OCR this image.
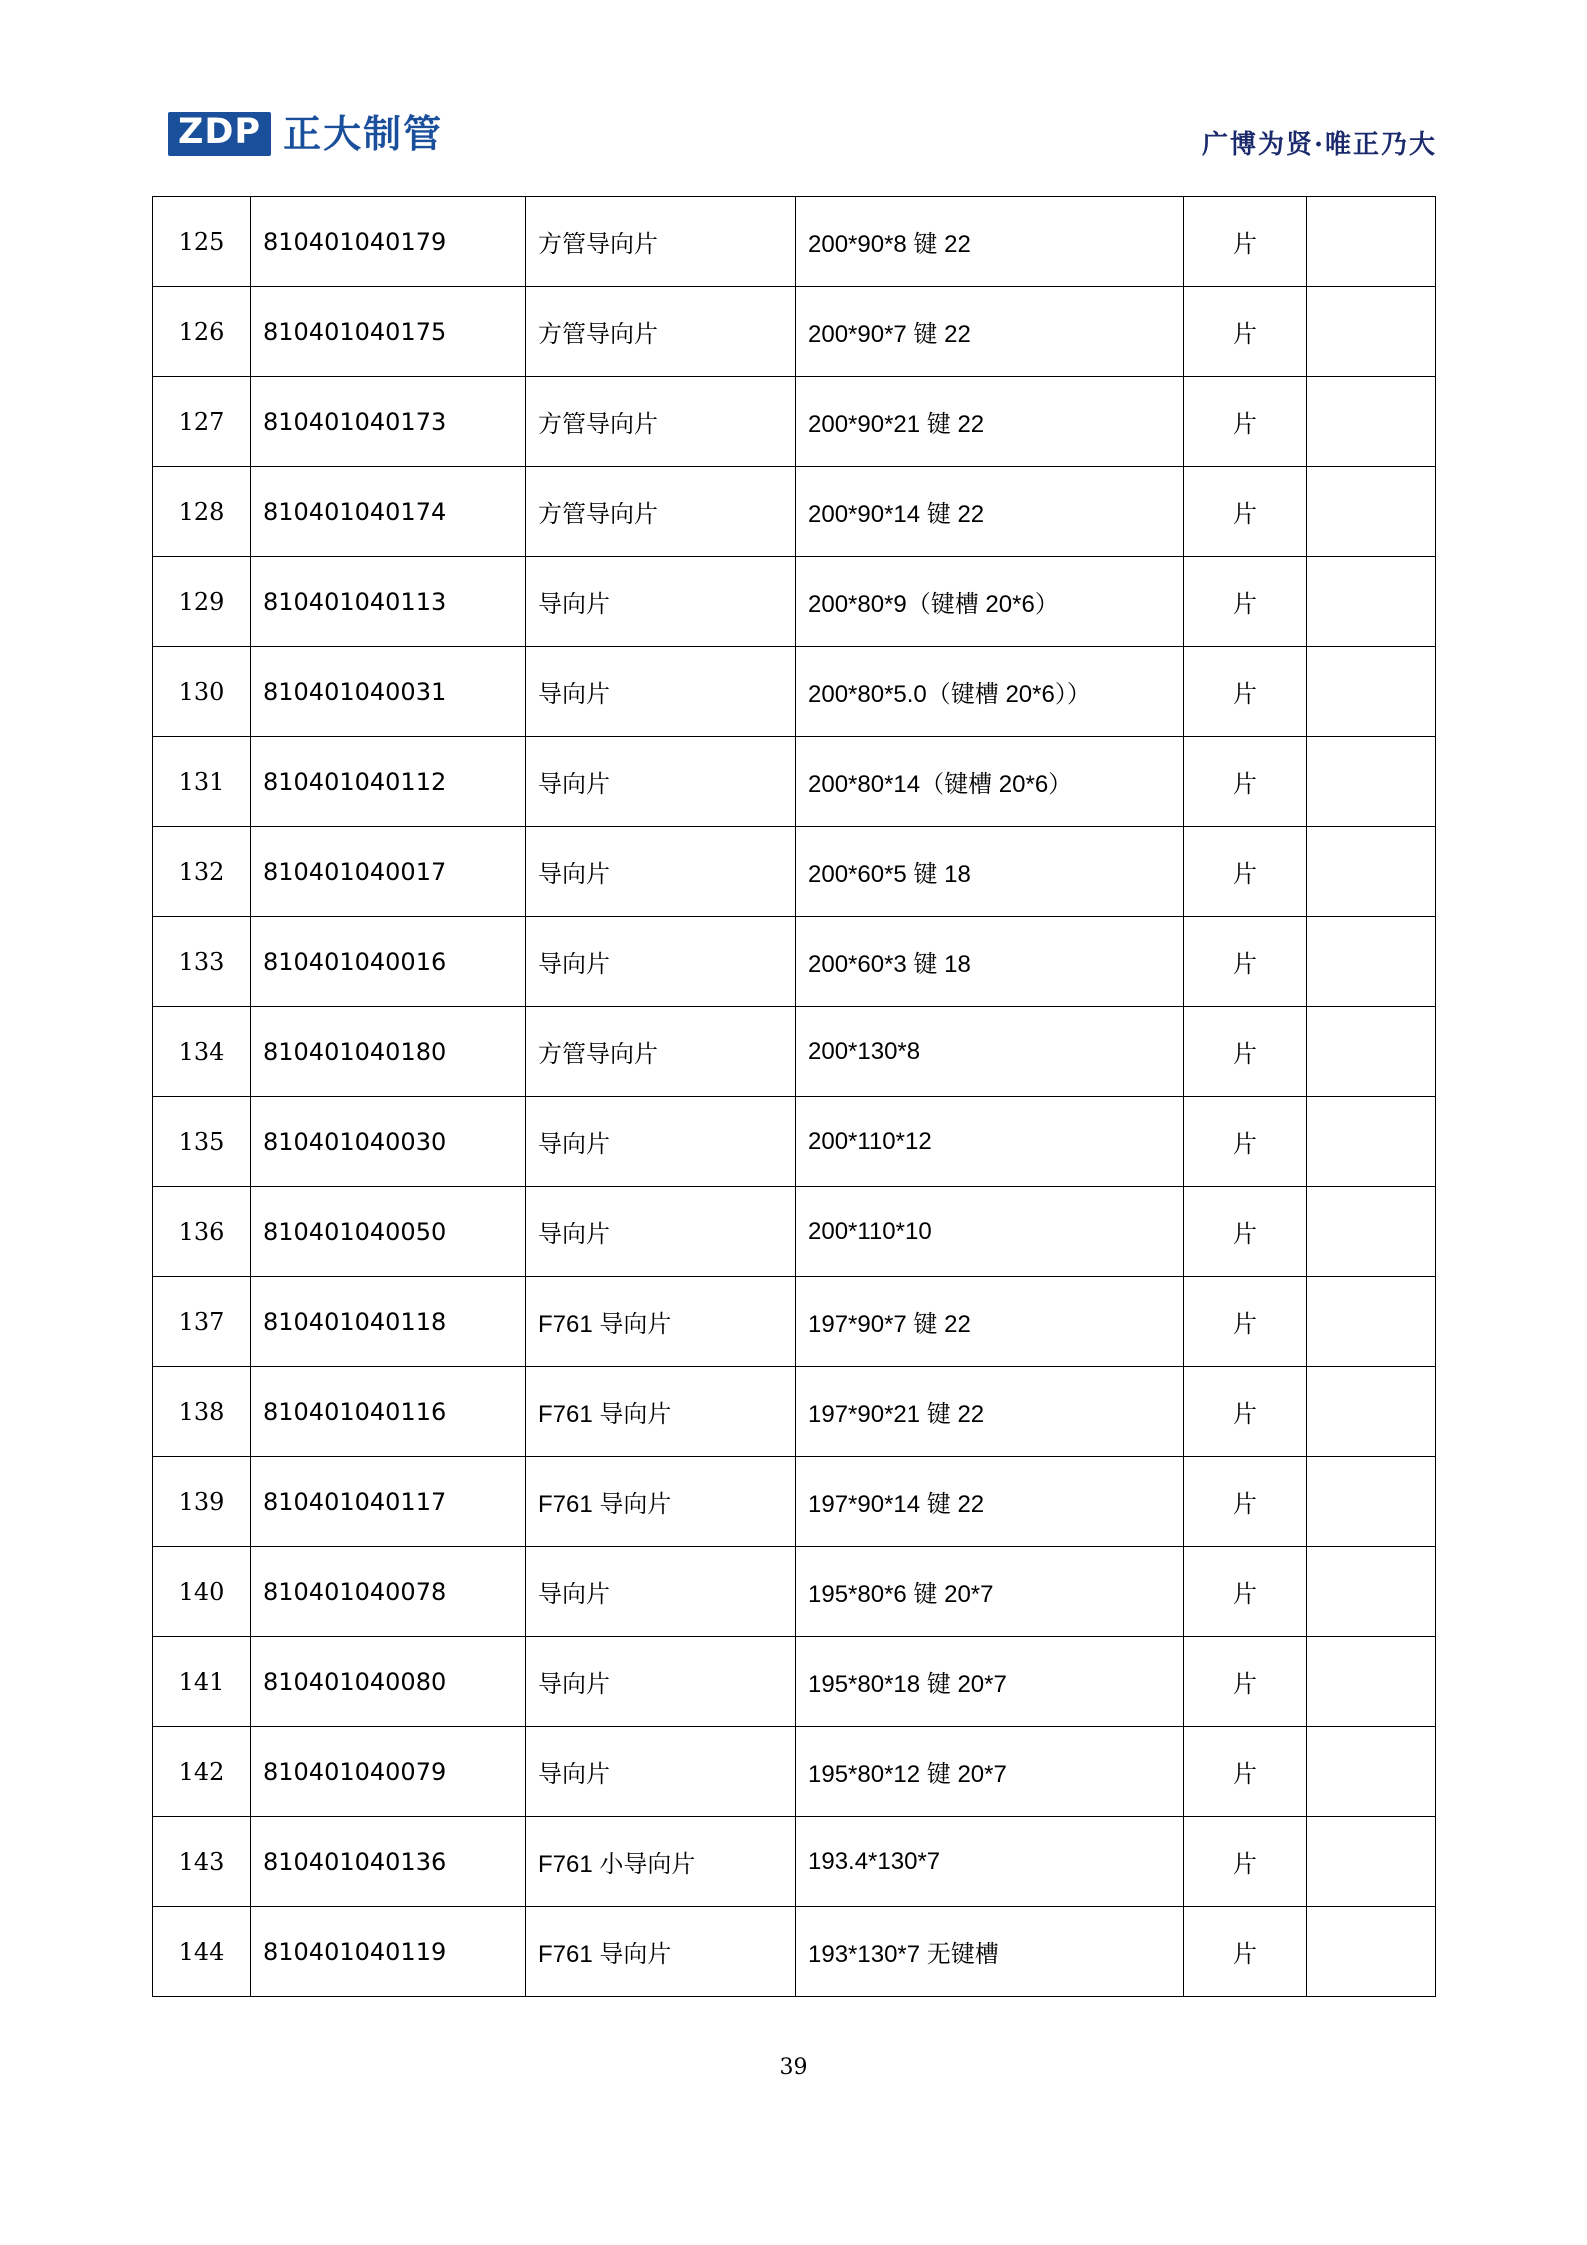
ZDP 正大制管	广博为贤·唯正乃大
125	810401040179	方管导向片	200*90*8 键 22	片	
126	810401040175	方管导向片	200*90*7 键 22	片	
127	810401040173	方管导向片	200*90*21 键 22	片	
128	810401040174	方管导向片	200*90*14 键 22	片	
129	810401040113	导向片	200*80*9（键槽 20*6）	片	
130	810401040031	导向片	200*80*5.0（键槽 20*6））	片	
131	810401040112	导向片	200*80*14（键槽 20*6）	片	
132	810401040017	导向片	200*60*5 键 18	片	
133	810401040016	导向片	200*60*3 键 18	片	
134	810401040180	方管导向片	200*130*8	片	
135	810401040030	导向片	200*110*12	片	
136	810401040050	导向片	200*110*10	片	
137	810401040118	F761 导向片	197*90*7 键 22	片	
138	810401040116	F761 导向片	197*90*21 键 22	片	
139	810401040117	F761 导向片	197*90*14 键 22	片	
140	810401040078	导向片	195*80*6 键 20*7	片	
141	810401040080	导向片	195*80*18 键 20*7	片	
142	810401040079	导向片	195*80*12 键 20*7	片	
143	810401040136	F761 小导向片	193.4*130*7	片	
144	810401040119	F761 导向片	193*130*7 无键槽	片	
39
